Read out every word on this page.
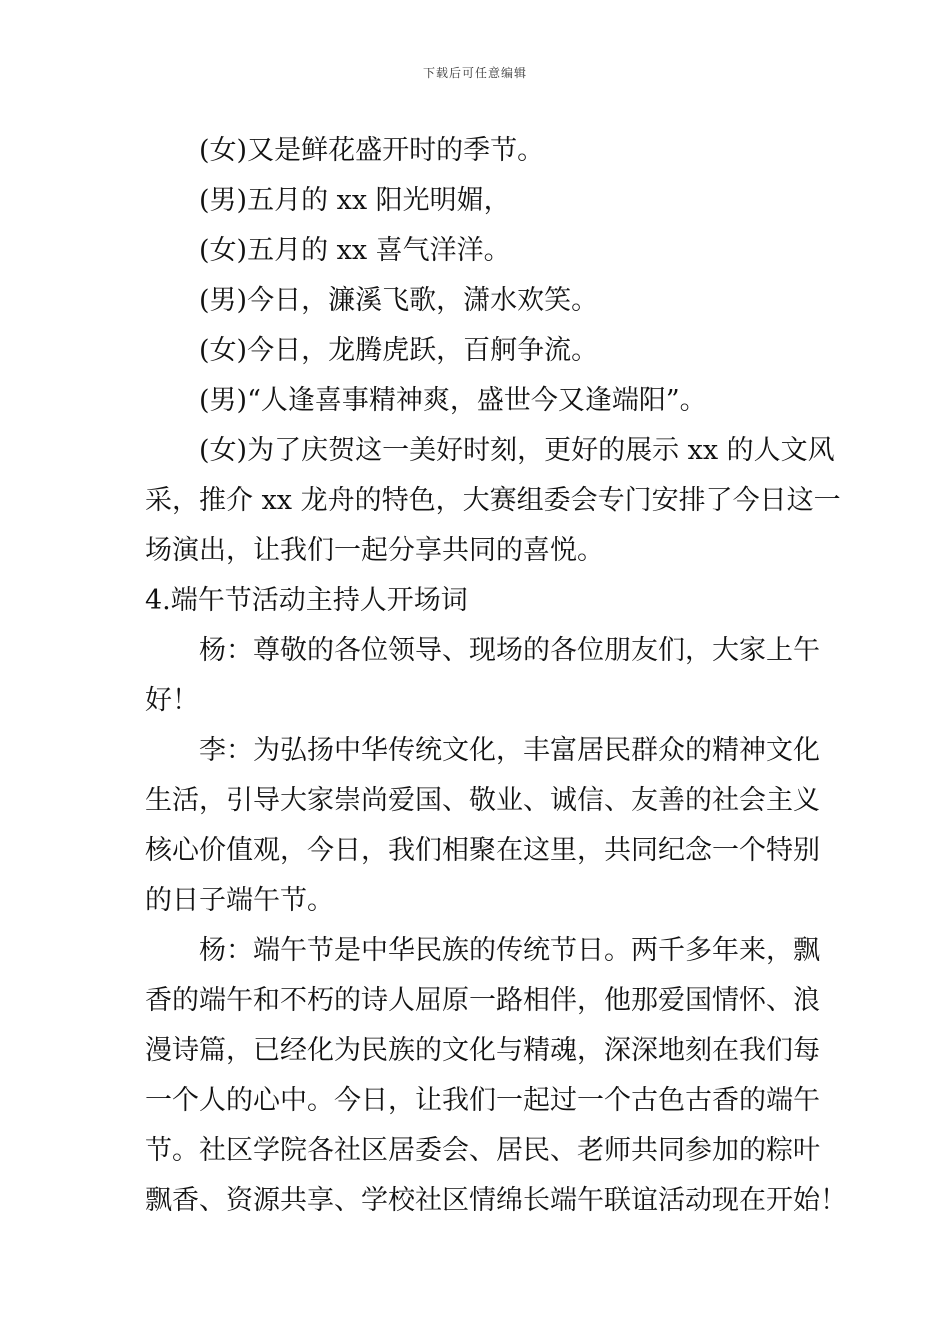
下载后可任意编辑

(女)又是鲜花盛开时的季节。

(男)五月的 xx 阳光明媚，

(女)五月的 xx 喜气洋洋。

(男)今日，濂溪飞歌，潇水欢笑。

(女)今日，龙腾虎跃，百舸争流。

(男)“人逢喜事精神爽，盛世今又逢端阳”。

(女)为了庆贺这一美好时刻，更好的展示 xx 的人文风
采，推介 xx 龙舟的特色，大赛组委会专门安排了今日这一
场演出，让我们一起分享共同的喜悦。

4.端午节活动主持人开场词

杨：尊敬的各位领导、现场的各位朋友们，大家上午
好！

李：为弘扬中华传统文化，丰富居民群众的精神文化
生活，引导大家崇尚爱国、敬业、诚信、友善的社会主义
核心价值观，今日，我们相聚在这里，共同纪念一个特别
的日子端午节。

杨：端午节是中华民族的传统节日。两千多年来，飘
香的端午和不朽的诗人屈原一路相伴，他那爱国情怀、浪
漫诗篇，已经化为民族的文化与精魂，深深地刻在我们每
一个人的心中。今日，让我们一起过一个古色古香的端午
节。社区学院各社区居委会、居民、老师共同参加的粽叶
飘香、资源共享、学校社区情绵长端午联谊活动现在开始！
